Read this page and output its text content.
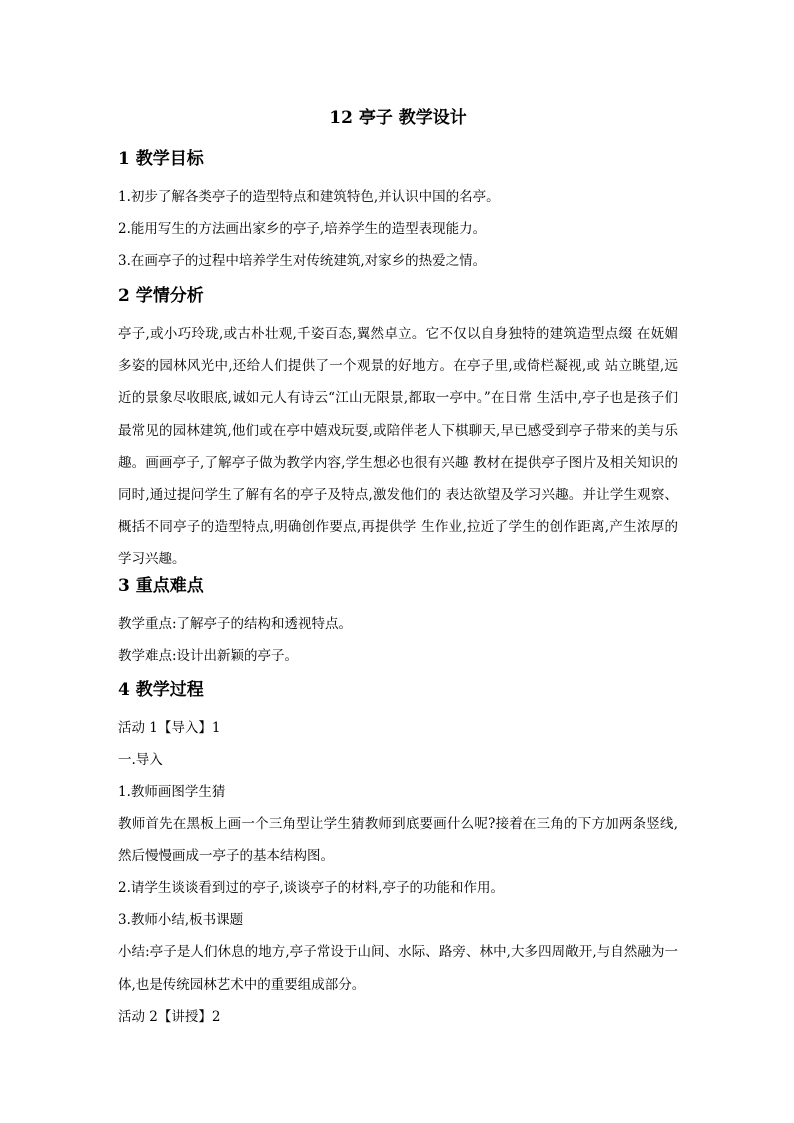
12 亭子 教学设计
1 教学目标

1.初步了解各类亭子的造型特点和建筑特色,并认识中国的名亭。

2.能用写生的方法画出家乡的亭子,培养学生的造型表现能力。

3.在画亭子的过程中培养学生对传统建筑,对家乡的热爱之情。

2 学情分析

亭子,或小巧玲珑,或古朴壮观,千姿百态,翼然卓立。它不仅以自身独特的建筑造型点缀 在妩媚多姿的园林风光中,还给人们提供了一个观景的好地方。在亭子里,或倚栏凝视,或 站立眺望,远近的景象尽收眼底,诚如元人有诗云“江山无限景,都取一亭中。”在日常 生活中,亭子也是孩子们最常见的园林建筑,他们或在亭中嬉戏玩耍,或陪伴老人下棋聊天,早已感受到亭子带来的美与乐趣。画画亭子,了解亭子做为教学内容,学生想必也很有兴趣 教材在提供亭子图片及相关知识的同时,通过提问学生了解有名的亭子及特点,激发他们的 表达欲望及学习兴趣。并让学生观察、概括不同亭子的造型特点,明确创作要点,再提供学 生作业,拉近了学生的创作距离,产生浓厚的学习兴趣。

3 重点难点

教学重点:了解亭子的结构和透视特点。

教学难点:设计出新颖的亭子。

4 教学过程

活动 1【导入】1

一.导入

1.教师画图学生猜

教师首先在黑板上画一个三角型让学生猜教师到底要画什么呢?接着在三角的下方加两条竖线,然后慢慢画成一亭子的基本结构图。

2.请学生谈谈看到过的亭子,谈谈亭子的材料,亭子的功能和作用。

3.教师小结,板书课题

小结:亭子是人们休息的地方,亭子常设于山间、水际、路旁、林中,大多四周敞开,与自然融为一体,也是传统园林艺术中的重要组成部分。

活动 2【讲授】2
